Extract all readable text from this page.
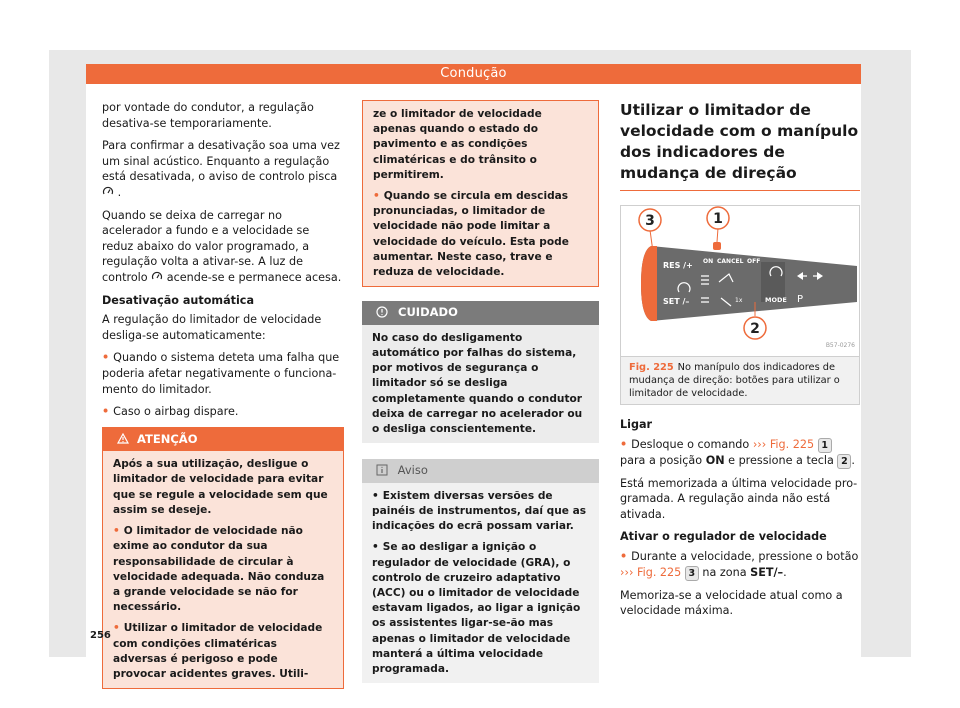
Condução

por vontade do condutor, a regulação desativa-se temporariamente.

Para confirmar a desativação soa uma vez um sinal acústico. Enquanto a regulação está desativada, o aviso de controlo pisca  .

Quando se deixa de carregar no acelerador a fundo e a velocidade se reduz abaixo do valor programado, a regulação volta a ativar-se. A luz de controlo acende-se e permanece acesa.

Desativação automática

A regulação do limitador de velocidade desliga-se automaticamente:

• Quando o sistema deteta uma falha que poderia afetar negativamente o funcionamento do limitador.

• Caso o airbag dispare.

ATENÇÃO

Após a sua utilização, desligue o limitador de velocidade para evitar que se regule a velocidade sem que assim se deseje.

• O limitador de velocidade não exime ao condutor da sua responsabilidade de circular à velocidade adequada. Não conduza a grande velocidade se não for necessário.

• Utilizar o limitador de velocidade com condições climatéricas adversas é perigoso e pode provocar acidentes graves. Utili-

ze o limitador de velocidade apenas quando o estado do pavimento e as condições climatéricas e do trânsito o permitirem.

• Quando se circula em descidas pronunciadas, o limitador de velocidade não pode limitar a velocidade do veículo. Esta pode aumentar. Neste caso, trave e reduza de velocidade.

CUIDADO
No caso do desligamento automático por falhas do sistema, por motivos de segurança o limitador só se desliga completamente quando o condutor deixa de carregar no acelerador ou o desliga conscientemente.
Aviso

• Existem diversas versões de painéis de instrumentos, daí que as indicações do ecrã possam variar.

• Se ao desligar a ignição o regulador de velocidade (GRA), o controlo de cruzeiro adaptativo (ACC) ou o limitador de velocidade estavam ligados, ao ligar a ignição os assistentes ligar-se-ão mas apenas o limitador de velocidade manterá a última velocidade programada.

Utilizar o limitador de velocidade com o manípulo dos indicadores de mudança de direção
RES /+
SET /–
ON CANCEL OFF
MODE
1x	P
3	1
2
B57-0276
Fig. 225 No manípulo dos indicadores de mudança de direção: botões para utilizar o limitador de velocidade.
Ligar

• Desloque o comando ››› Fig. 225 1 para a posição ON e pressione a tecla 2 .

Está memorizada a última velocidade programada. A regulação ainda não está ativada.

Ativar o regulador de velocidade

• Durante a velocidade, pressione o botão ››› Fig. 225 3 na zona SET/–.

Memoriza-se a velocidade atual como a velocidade máxima.

256
